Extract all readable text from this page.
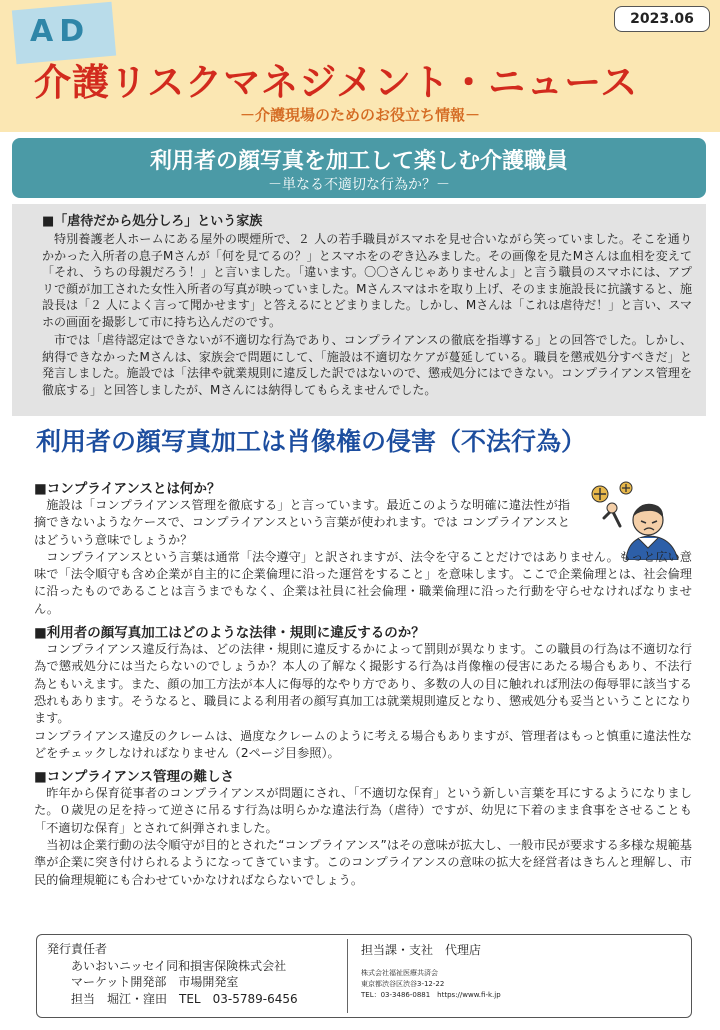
AD	2023.06
介護リスクマネジメント・ニュース
－介護現場のためのお役立ち情報－
利用者の顔写真を加工して楽しむ介護職員
－単なる不適切な行為か？－
■「虐待だから処分しろ」という家族

特別養護老人ホームにある屋外の喫煙所で、２ 人の若手職員がスマホを見せ合いながら笑っていました。そこを通りかかった入所者の息子Mさんが「何を見てるの？」とスマホをのぞき込みました。その画像を見たMさんは血相を変えて「それ、うちの母親だろう！」と言いました。「違います。〇〇さんじゃありませんよ」と言う職員のスマホには、アプリで顔が加工された女性入所者の写真が映っていました。Mさんスマはホを取り上げ、そのまま施設長に抗議すると、施設長は「２ 人によく言って聞かせます」と答えるにとどまりました。しかし、Mさんは「これは虐待だ！」と言い、スマホの画面を撮影して市に持ち込んだのです。

市では「虐待認定はできないが不適切な行為であり、コンプライアンスの徹底を指導する」との回答でした。しかし、納得できなかったMさんは、家族会で問題にして、「施設は不適切なケアが蔓延している。職員を懲戒処分すべきだ」と発言しました。施設では「法律や就業規則に違反した訳ではないので、懲戒処分にはできない。コンプライアンス管理を徹底する」と回答しましたが、Mさんには納得してもらえませんでした。

利用者の顔写真加工は肖像権の侵害（不法行為）
■コンプライアンスとは何か？

施設は「コンプライアンス管理を徹底する」と言っています。最近このような明確に違法性が指摘できないようなケースで、コンプライアンスという言葉が使われます。では コンプライアンスとはどういう意味でしょうか？

コンプライアンスという言葉は通常「法令遵守」と訳されますが、法令を守ることだけではありません。もっと広い意味で「法令順守も含め企業が自主的に企業倫理に沿った運営をすること」を意味します。ここで企業倫理とは、社会倫理に沿ったものであることは言うまでもなく、企業は社員に社会倫理・職業倫理に沿った行動を守らせなければなりません。

■利用者の顔写真加工はどのような法律・規則に違反するのか？

コンプライアンス違反行為は、どの法律・規則に違反するかによって罰則が異なります。この職員の行為は不適切な行為で懲戒処分には当たらないのでしょうか？本人の了解なく撮影する行為は肖像権の侵害にあたる場合もあり、不法行為ともいえます。また、顔の加工方法が本人に侮辱的なやり方であり、多数の人の目に触れれば刑法の侮辱罪に該当する恐れもあります。そうなると、職員による利用者の顔写真加工は就業規則違反となり、懲戒処分も妥当ということになります。

コンプライアンス違反のクレームは、過度なクレームのように考える場合もありますが、管理者はもっと慎重に違法性などをチェックしなければなりません（2ページ目参照）。

■コンプライアンス管理の難しさ

昨年から保育従事者のコンプライアンスが問題にされ、「不適切な保育」という新しい言葉を耳にするようになりました。０歳児の足を持って逆さに吊るす行為は明らかな違法行為（虐待）ですが、幼児に下着のまま食事をさせることも「不適切な保育」とされて糾弾されました。

当初は企業行動の法令順守が目的とされた“コンプライアンス”はその意味が拡大し、一般市民が要求する多様な規範基準が企業に突き付けられるようになってきています。このコンプライアンスの意味の拡大を経営者はきちんと理解し、市民的倫理規範にも合わせていかなければならないでしょう。

発行責任者
あいおいニッセイ同和損害保険株式会社
マーケット開発部　市場開発室
担当　堀江・窪田　TEL　03-5789-6456
担当課・支社　代理店
株式会社福祉医療共済会
東京都渋谷区渋谷3-12-22
TEL：03-3486-0881　https://www.fi-k.jp
